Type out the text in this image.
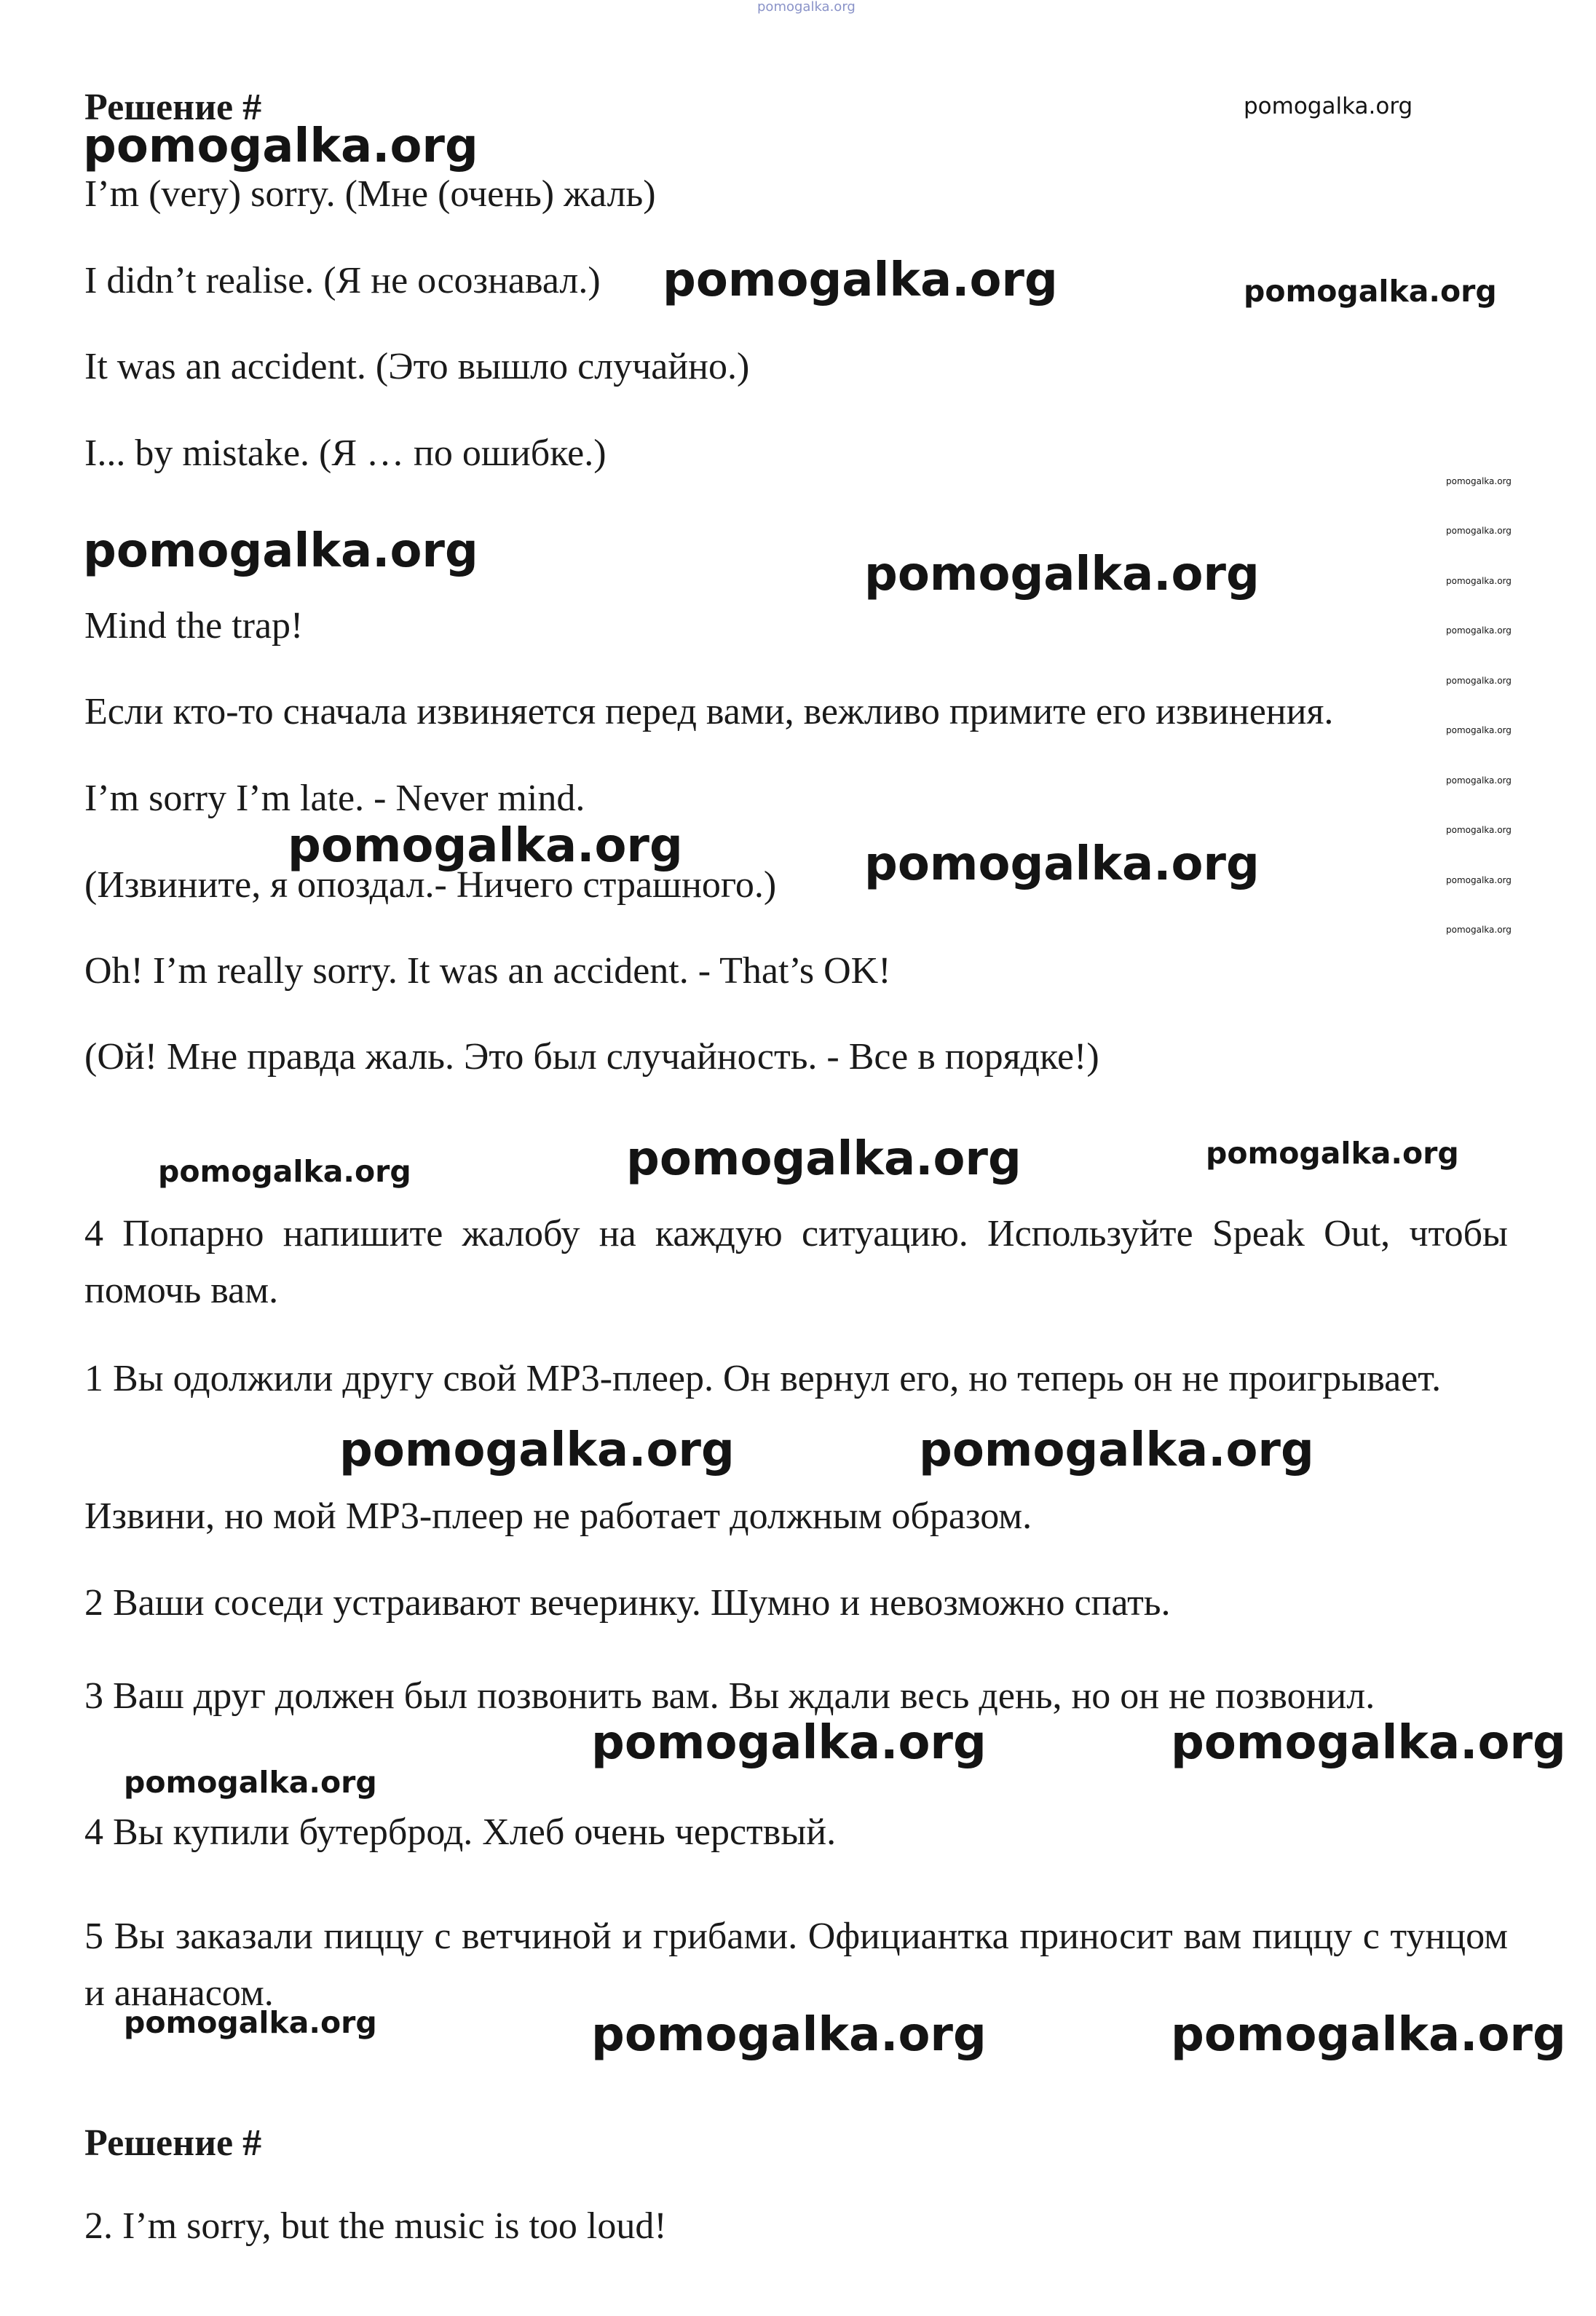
pomogalka.org
Решение #
I’m (very) sorry. (Мне (очень) жаль)
I didn’t realise. (Я не осознавал.)
It was an accident. (Это вышло случайно.)
I... by mistake. (Я … по ошибке.)
Mind the trap!
Если кто-то сначала извиняется перед вами, вежливо примите его извинения.
I’m sorry I’m late. - Never mind.
(Извините, я опоздал.- Ничего страшного.)
Oh! I’m really sorry. It was an accident. - That’s OK!
(Ой! Мне правда жаль. Это был случайность. - Все в порядке!)
4 Попарно напишите жалобу на каждую ситуацию. Используйте Speak Out, чтобы помочь вам.
1 Вы одолжили другу свой MP3-плеер. Он вернул его, но теперь он не проигрывает.
Извини, но мой MP3-плеер не работает должным образом.
2 Ваши соседи устраивают вечеринку. Шумно и невозможно спать.
3 Ваш друг должен был позвонить вам. Вы ждали весь день, но он не позвонил.
4 Вы купили бутерброд. Хлеб очень черствый.
5 Вы заказали пиццу с ветчиной и грибами. Официантка приносит вам пиццу с тунцом и ананасом.
Решение #
2. I’m sorry, but the music is too loud!
pomogalka.org
pomogalka.org
pomogalka.org	pomogalka.org
pomogalka.org	pomogalka.org
pomogalka.org
pomogalka.org	pomogalka.org
pomogalka.org	pomogalka.org
pomogalka.org	pomogalka.org
pomogalka.org
pomogalka.org
pomogalka.org
pomogalka.org
pomogalka.org
pomogalka.org
pomogalka.org
pomogalka.org
pomogalka.org
pomogalka.org
pomogalka.org
pomogalka.org
pomogalka.org
pomogalka.org
pomogalka.org
pomogalka.org
